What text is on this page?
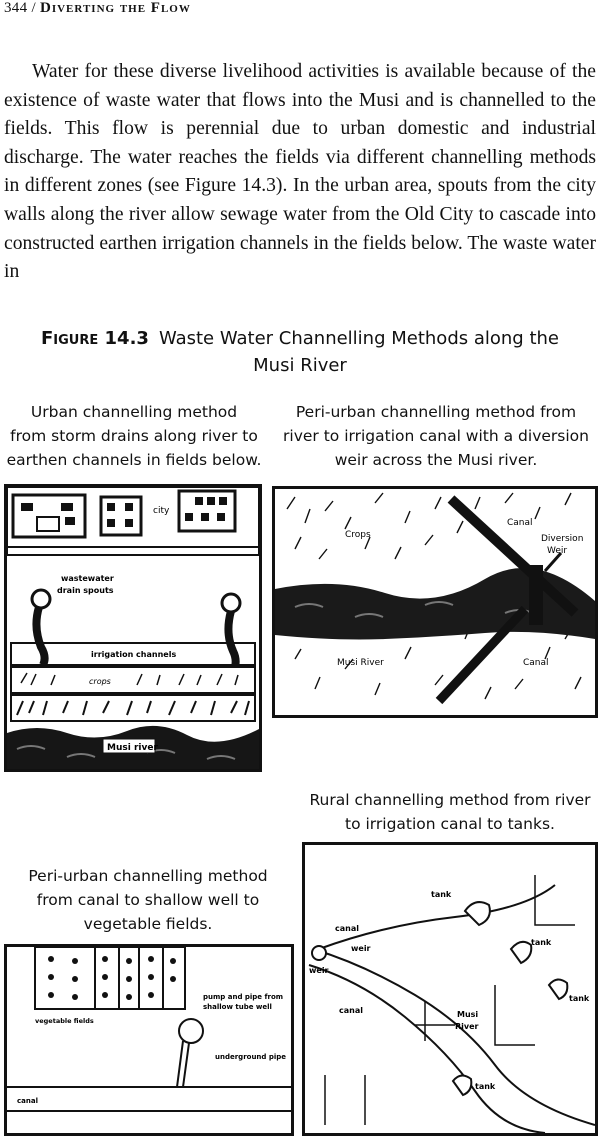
344 / Diverting the Flow
Water for these diverse livelihood activities is available because of the existence of waste water that flows into the Musi and is channelled to the fields. This flow is perennial due to urban domestic and industrial discharge. The water reaches the fields via different channelling methods in different zones (see Figure 14.3). In the urban area, spouts from the city walls along the river allow sewage water from the Old City to cascade into constructed earthen irrigation channels in the fields below. The waste water in
Figure 14.3 Waste Water Channelling Methods along the
Musi River
Urban channelling method
from storm drains along river to
earthen channels in fields below.
Peri-urban channelling method from
river to irrigation canal with a diversion
weir across the Musi river.
Rural channelling method from river
to irrigation canal to tanks.
Peri-urban channelling method
from canal to shallow well to
vegetable fields.
city
wastewater
drain spouts
irrigation channels
crops
Musi river
Crops
Canal
Diversion
Weir
Musi River	Canal
tank
canal
weir
weir
tank
canal
tank
Musi
River
tank
pump and pipe from
shallow tube well
vegetable fields
underground pipe
canal
